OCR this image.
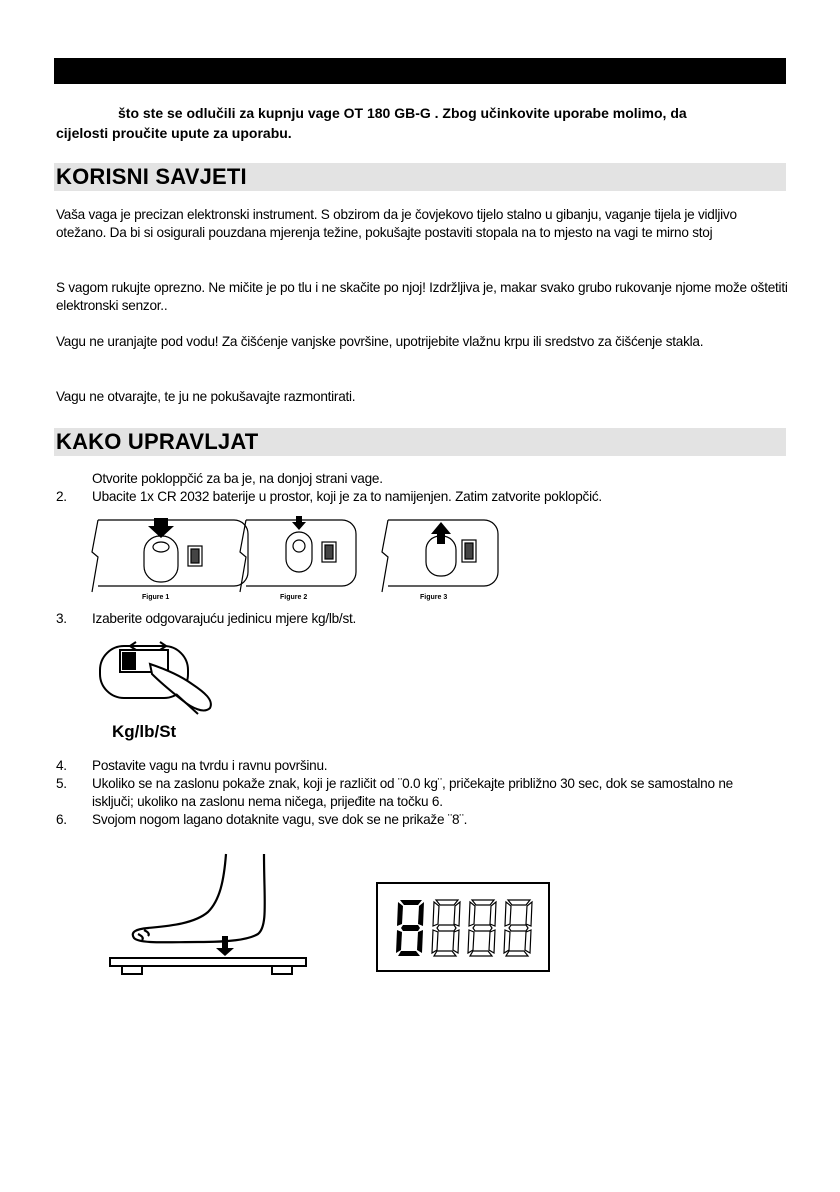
što ste se odlučili za kupnju vage OT 180 GB-G . Zbog učinkovite uporabe molimo, da
cijelosti proučite upute za uporabu.
KORISNI SAVJETI
Vaša vaga je precizan elektronski instrument. S obzirom da je čovjekovo tijelo stalno u gibanju, vaganje tijela je vidljivo otežano. Da bi si osigurali pouzdana mjerenja težine, pokušajte postaviti stopala na to mjesto na vagi te mirno stoj
S vagom rukujte oprezno. Ne mičite je po tlu i ne skačite po njoj! Izdržljiva je, makar svako grubo rukovanje njome može oštetiti elektronski senzor..
Vagu ne uranjajte pod vodu! Za čišćenje vanjske površine, upotrijebite vlažnu krpu ili sredstvo za čišćenje stakla.
Vagu ne otvarajte, te ju ne pokušavajte razmontirati.
KAKO UPRAVLJAT
Otvorite pokloppčić za ba je, na donjoj strani vage.
2.	Ubacite 1x CR 2032 baterije u prostor, koji je za to namijenjen. Zatim zatvorite poklopčić.
Figure 1	Figure 2	Figure 3
3.	Izaberite odgovarajuću jedinicu mjere kg/lb/st.
Kg/lb/St
4.	Postavite vagu na tvrdu i ravnu površinu.
5.	Ukoliko se na zaslonu pokaže znak, koji je različit od ¨0.0 kg¨, pričekajte približno 30 sec, dok se samostalno ne isključi; ukoliko na zaslonu nema ničega, prijeđite na točku 6.
6.	Svojom nogom lagano dotaknite vagu, sve dok se ne prikaže ¨8¨.
